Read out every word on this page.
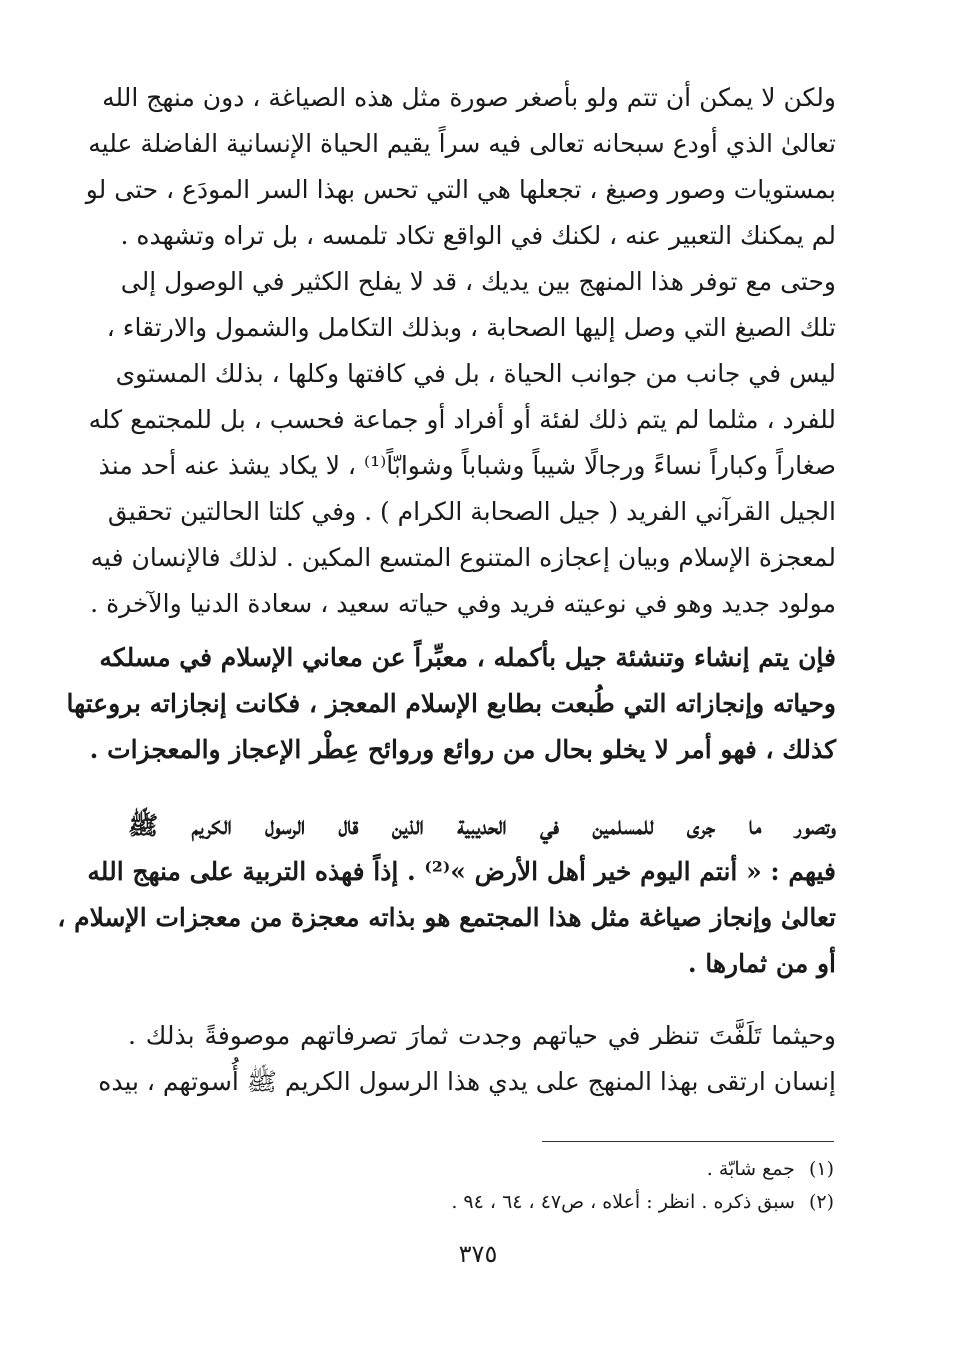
ولكن لا يمكن أن تتم ولو بأصغر صورة مثل هذه الصياغة ، دون منهج الله
تعالىٰ الذي أودع سبحانه تعالى فيه سراً يقيم الحياة الإنسانية الفاضلة عليه
بمستويات وصور وصيغ ، تجعلها هي التي تحس بهذا السر المودَع ، حتى لو
لم يمكنك التعبير عنه ، لكنك في الواقع تكاد تلمسه ، بل تراه وتشهده .
وحتى مع توفر هذا المنهج بين يديك ، قد لا يفلح الكثير في الوصول إلى
تلك الصيغ التي وصل إليها الصحابة ، وبذلك التكامل والشمول والارتقاء ،
ليس في جانب من جوانب الحياة ، بل في كافتها وكلها ، بذلك المستوى
للفرد ، مثلما لم يتم ذلك لفئة أو أفراد أو جماعة فحسب ، بل للمجتمع كله
صغاراً وكباراً نساءً ورجالًا شيباً وشباباً وشوابّاً⁽¹⁾ ، لا يكاد يشذ عنه أحد منذ
الجيل القرآني الفريد ( جيل الصحابة الكرام ) . وفي كلتا الحالتين تحقيق
لمعجزة الإسلام وبيان إعجازه المتنوع المتسع المكين . لذلك فالإنسان فيه
مولود جديد وهو في نوعيته فريد وفي حياته سعيد ، سعادة الدنيا والآخرة .
فإن يتم إنشاء وتنشئة جيل بأكمله ، معبِّراً عن معاني الإسلام في مسلكه
وحياته وإنجازاته التي طُبعت بطابع الإسلام المعجز ، فكانت إنجازاته بروعتها
كذلك ، فهو أمر لا يخلو بحال من روائع وروائح عِطْر الإعجاز والمعجزات .
وتصور ما جرى للمسلمين في الحديبية الذين قال الرسول الكريم ﷺ
فيهم : « أنتم اليوم خير أهل الأرض »⁽²⁾ . إذاً فهذه التربية على منهج الله
تعالىٰ وإنجاز صياغة مثل هذا المجتمع هو بذاته معجزة من معجزات الإسلام ،
أو من ثمارها .
وحيثما تَلَفَّتَ تنظر في حياتهم وجدت ثمارَ تصرفاتهم موصوفةً بذلك .
إنسان ارتقى بهذا المنهج على يدي هذا الرسول الكريم ﷺ أُسوتهم ، بيده
(١)جمع شابّة .
(٢)سبق ذكره . انظر : أعلاه ، ص٤٧ ، ٦٤ ، ٩٤ .
٣٧٥
